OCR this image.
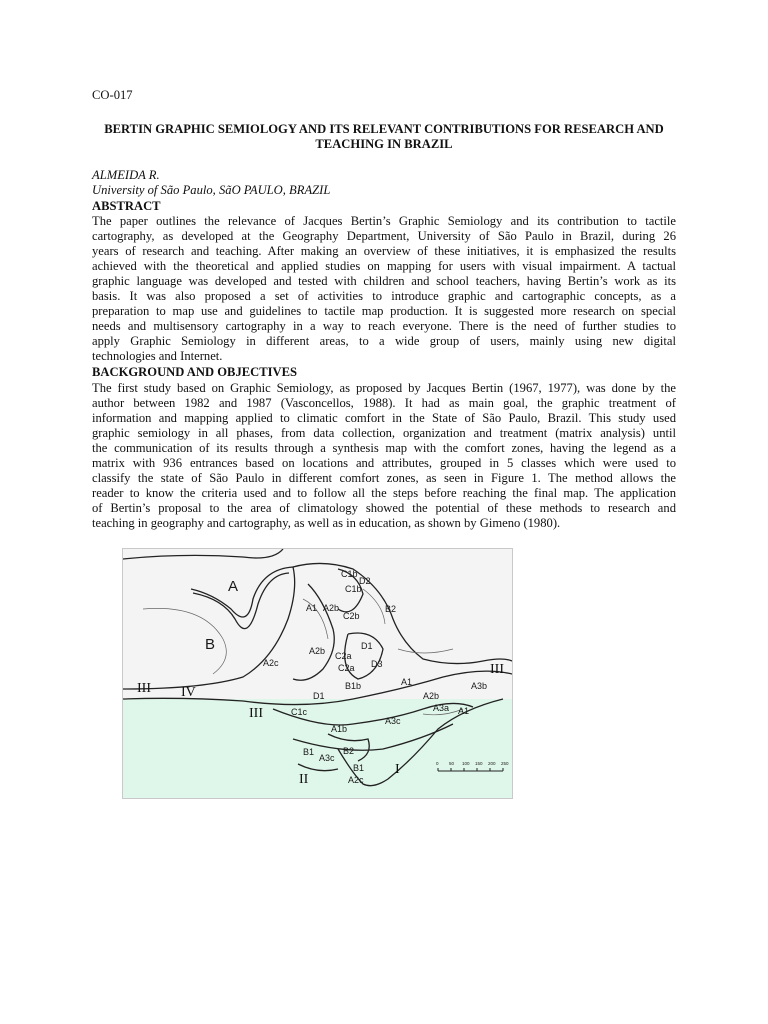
CO-017
BERTIN GRAPHIC SEMIOLOGY AND ITS RELEVANT CONTRIBUTIONS FOR RESEARCH AND TEACHING IN BRAZIL
ALMEIDA R.
University of São Paulo, SãO PAULO, BRAZIL
ABSTRACT
The paper outlines the relevance of Jacques Bertin’s Graphic Semiology and its contribution to tactile
cartography, as developed at the Geography Department, University of São Paulo in Brazil, during 26
years of research and teaching. After making an overview of these initiatives, it is emphasized the results
achieved with the theoretical and applied studies on mapping for users with visual impairment. A tactual
graphic language was developed and tested with children and school teachers, having Bertin’s work as its
basis. It was also proposed a set of activities to introduce graphic and cartographic concepts, as a
preparation to map use and guidelines to tactile map production. It is suggested more research on special
needs and multisensory cartography in a way to reach everyone. There is the need of further studies to
apply Graphic Semiology in different areas, to a wide group of users, mainly using new digital
technologies and Internet.
BACKGROUND AND OBJECTIVES
The first study based on Graphic Semiology, as proposed by Jacques Bertin (1967, 1977), was done by the
author between 1982 and 1987 (Vasconcellos, 1988). It had as main goal, the graphic treatment of
information and mapping applied to climatic comfort in the State of São Paulo, Brazil. This study used
graphic semiology in all phases, from data collection, organization and treatment (matrix analysis) until
the communication of its results through a synthesis map with the comfort zones, having the legend as a
matrix with 936 entrances based on locations and attributes, grouped in 5 classes which were used to
classify the state of São Paulo in different comfort zones, as seen in Figure 1. The method allows the
reader to know the criteria used and to follow all the steps before reaching the final map. The application
of Bertin’s proposal to the area of climatology showed the potential of these methods to research and
teaching in geography and cartography, as well as in education, as shown by Gimeno (1980).
A
B
A1 A2b
C1b
D2
C1b
C2b
B2
A2c
A2b C2a
D1
C2a D3
D1
B1b	A1
A2b
A3b
A3a A1
A3c
C1c
A1b
B1	B2
A3c
B1
A2c
III IV
III
II
I
III
0 50 100 150 200 250
